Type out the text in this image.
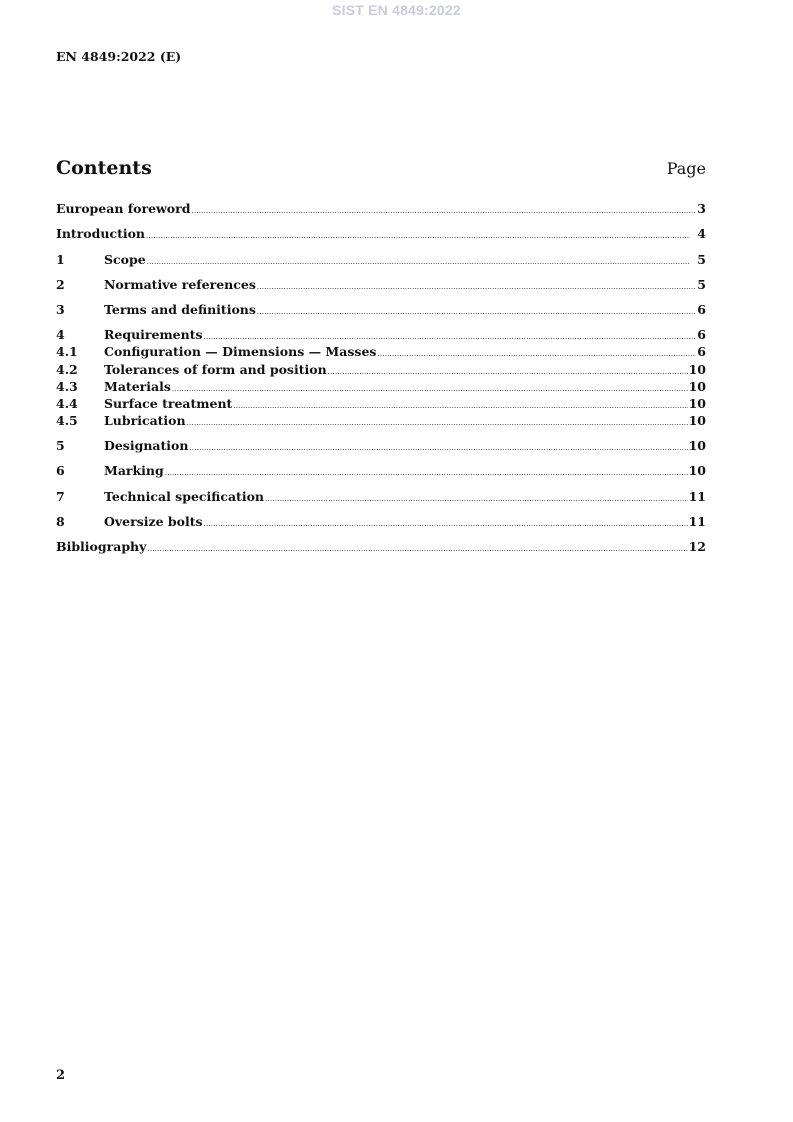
SIST EN 4849:2022
EN 4849:2022 (E)
Contents	Page
European foreword .....	3
Introduction .....	4
1	Scope .....	5
2	Normative references .....	5
3	Terms and definitions .....	6
4	Requirements .....	6
4.1	Configuration — Dimensions — Masses .....	6
4.2	Tolerances of form and position .....	10
4.3	Materials .....	10
4.4	Surface treatment .....	10
4.5	Lubrication .....	10
5	Designation .....	10
6	Marking .....	10
7	Technical specification .....	11
8	Oversize bolts .....	11
Bibliography .....	12
2
